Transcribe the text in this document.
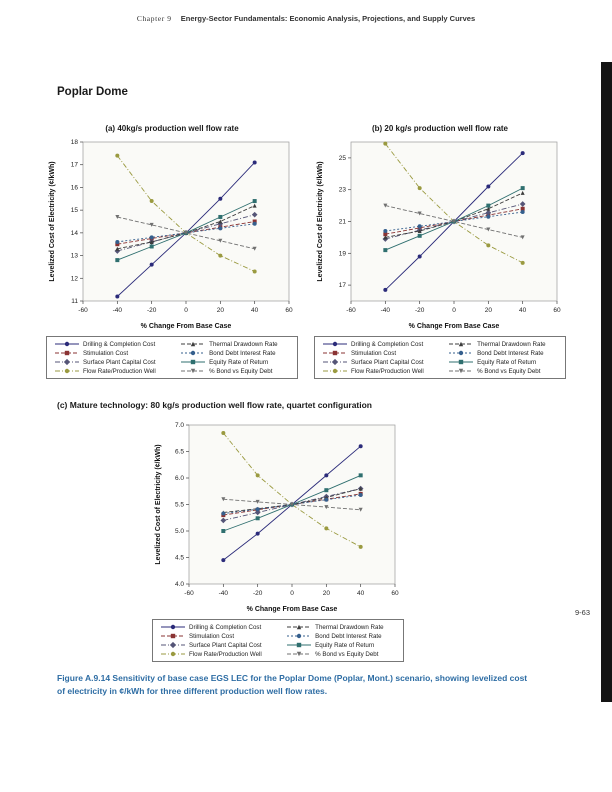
Chapter 9 Energy-Sector Fundamentals: Economic Analysis, Projections, and Supply Curves
9-63
Poplar Dome
(a) 40kg/s production well flow rate
11
12
13
14
15
16
17
18
-60	-40	-20	0	20	40	60
% Change From Base Case
Levelized Cost of Electricity (¢/kWh)
Drilling & Completion Cost
Stimulation Cost
Surface Plant Capital Cost
Flow Rate/Production Well
Thermal Drawdown Rate
Bond Debt Interest Rate
Equity Rate of Return
% Bond vs Equity Debt
(b) 20 kg/s production well flow rate
17
19
21
23
25
-60	-40	-20	0	20	40	60
% Change From Base Case
Levelized Cost of Electricity (¢/kWh)
Drilling & Completion Cost
Stimulation Cost
Surface Plant Capital Cost
Flow Rate/Production Well
Thermal Drawdown Rate
Bond Debt Interest Rate
Equity Rate of Return
% Bond vs Equity Debt
(c) Mature technology: 80 kg/s production well flow rate, quartet configuration
4.0
4.5
5.0
5.5
6.0
6.5
7.0
-60	-40	-20	0	20	40	60
% Change From Base Case
Levelized Cost of Electricity (¢/kWh)
Drilling & Completion Cost
Stimulation Cost
Surface Plant Capital Cost
Flow Rate/Production Well
Thermal Drawdown Rate
Bond Debt Interest Rate
Equity Rate of Return
% Bond vs Equity Debt
Figure A.9.14 Sensitivity of base case EGS LEC for the Poplar Dome (Poplar, Mont.) scenario, showing levelized cost of electricity in ¢/kWh for three different production well flow rates.
